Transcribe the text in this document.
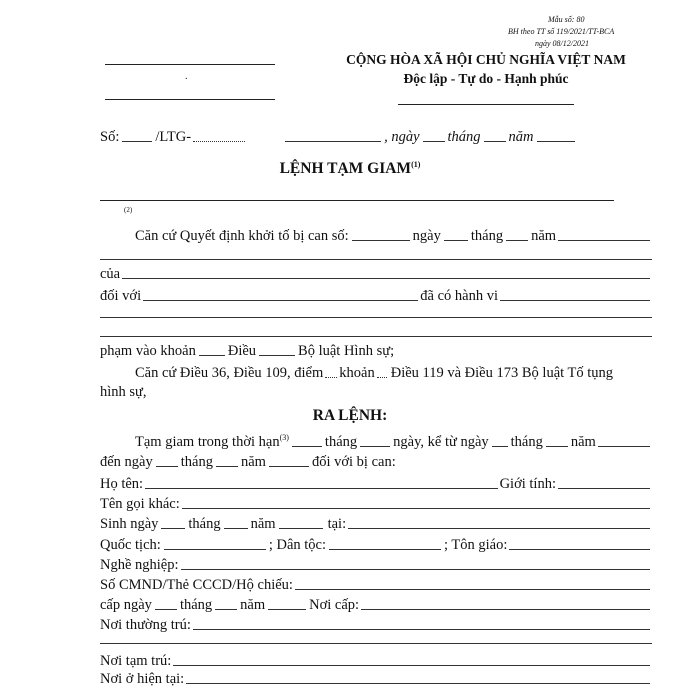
Mẫu số: 80
BH theo TT số 119/2021/TT-BCA
ngày 08/12/2021
.
CỘNG HÒA XÃ HỘI CHỦ NGHĨA VIỆT NAM
Độc lập - Tự do - Hạnh phúc
Số: /LTG-	, ngày tháng năm
LỆNH TẠM GIAM$^{(1)}$
(2)
Căn cứ Quyết định khởi tố bị can số:	ngày tháng năm
của
đối với	đã có hành vi
phạm vào khoản Điều	Bộ luật Hình sự;
Căn cứ Điều 36, Điều 109, điểm khoản Điều 119 và Điều 173 Bộ luật Tố tụng
hình sự,
RA LỆNH:
Tạm giam trong thời hạn$^{(3)}$ tháng ngày, kể từ ngày tháng năm
đến ngày tháng năm	đối với bị can:
Họ tên:	Giới tính:
Tên gọi khác:
Sinh ngày tháng năm	tại:
Quốc tịch:	; Dân tộc:	; Tôn giáo:
Nghề nghiệp:
Số CMND/Thẻ CCCD/Hộ chiếu:
cấp ngày tháng năm	Nơi cấp:
Nơi thường trú:
Nơi tạm trú:
Nơi ở hiện tại:
